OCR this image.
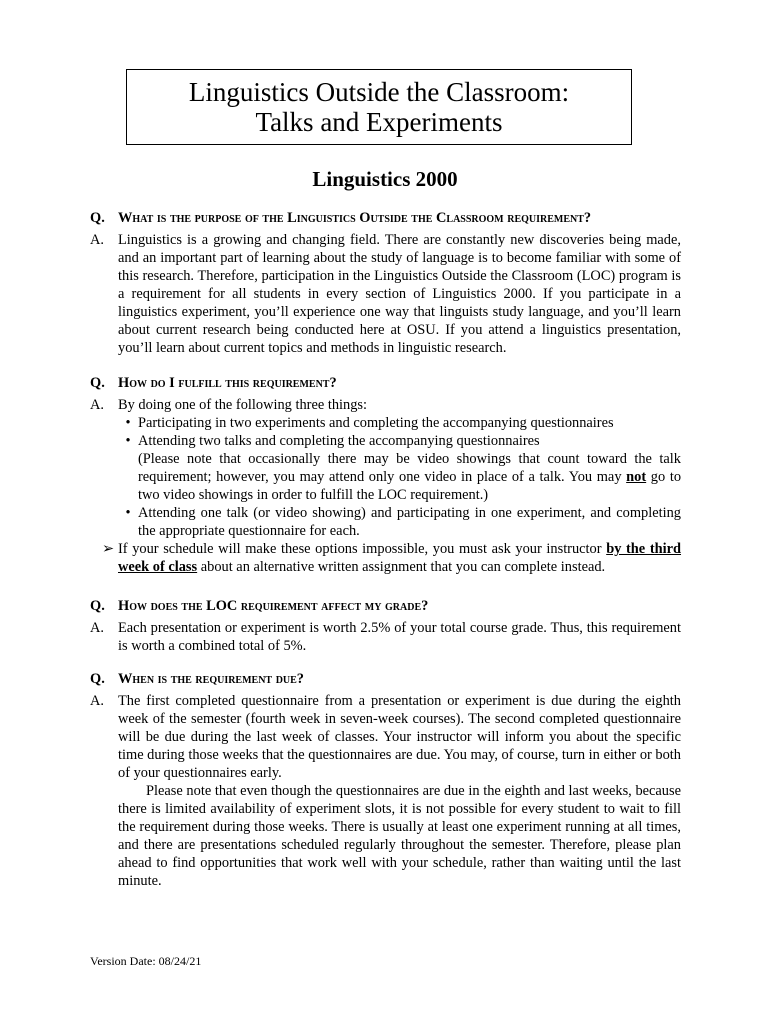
Linguistics Outside the Classroom:
Talks and Experiments
Linguistics 2000
Q. What is the purpose of the Linguistics Outside the Classroom requirement?
A. Linguistics is a growing and changing field. There are constantly new discoveries being made, and an important part of learning about the study of language is to become familiar with some of this research. Therefore, participation in the Linguistics Outside the Classroom (LOC) program is a requirement for all students in every section of Linguistics 2000. If you participate in a linguistics experiment, you’ll experience one way that linguists study language, and you’ll learn about current research being conducted here at OSU. If you attend a linguistics presentation, you’ll learn about current topics and methods in linguistic research.
Q. How do I fulfill this requirement?
A. By doing one of the following three things:
• Participating in two experiments and completing the accompanying questionnaires
• Attending two talks and completing the accompanying questionnaires
(Please note that occasionally there may be video showings that count toward the talk requirement; however, you may attend only one video in place of a talk. You may not go to two video showings in order to fulfill the LOC requirement.)
• Attending one talk (or video showing) and participating in one experiment, and completing the appropriate questionnaire for each.
➢ If your schedule will make these options impossible, you must ask your instructor by the third week of class about an alternative written assignment that you can complete instead.
Q. How does the LOC requirement affect my grade?
A. Each presentation or experiment is worth 2.5% of your total course grade. Thus, this requirement is worth a combined total of 5%.
Q. When is the requirement due?
A. The first completed questionnaire from a presentation or experiment is due during the eighth week of the semester (fourth week in seven-week courses). The second completed questionnaire will be due during the last week of classes. Your instructor will inform you about the specific time during those weeks that the questionnaires are due. You may, of course, turn in either or both of your questionnaires early.
Please note that even though the questionnaires are due in the eighth and last weeks, because there is limited availability of experiment slots, it is not possible for every student to wait to fill the requirement during those weeks. There is usually at least one experiment running at all times, and there are presentations scheduled regularly throughout the semester. Therefore, please plan ahead to find opportunities that work well with your schedule, rather than waiting until the last minute.
Version Date: 08/24/21
